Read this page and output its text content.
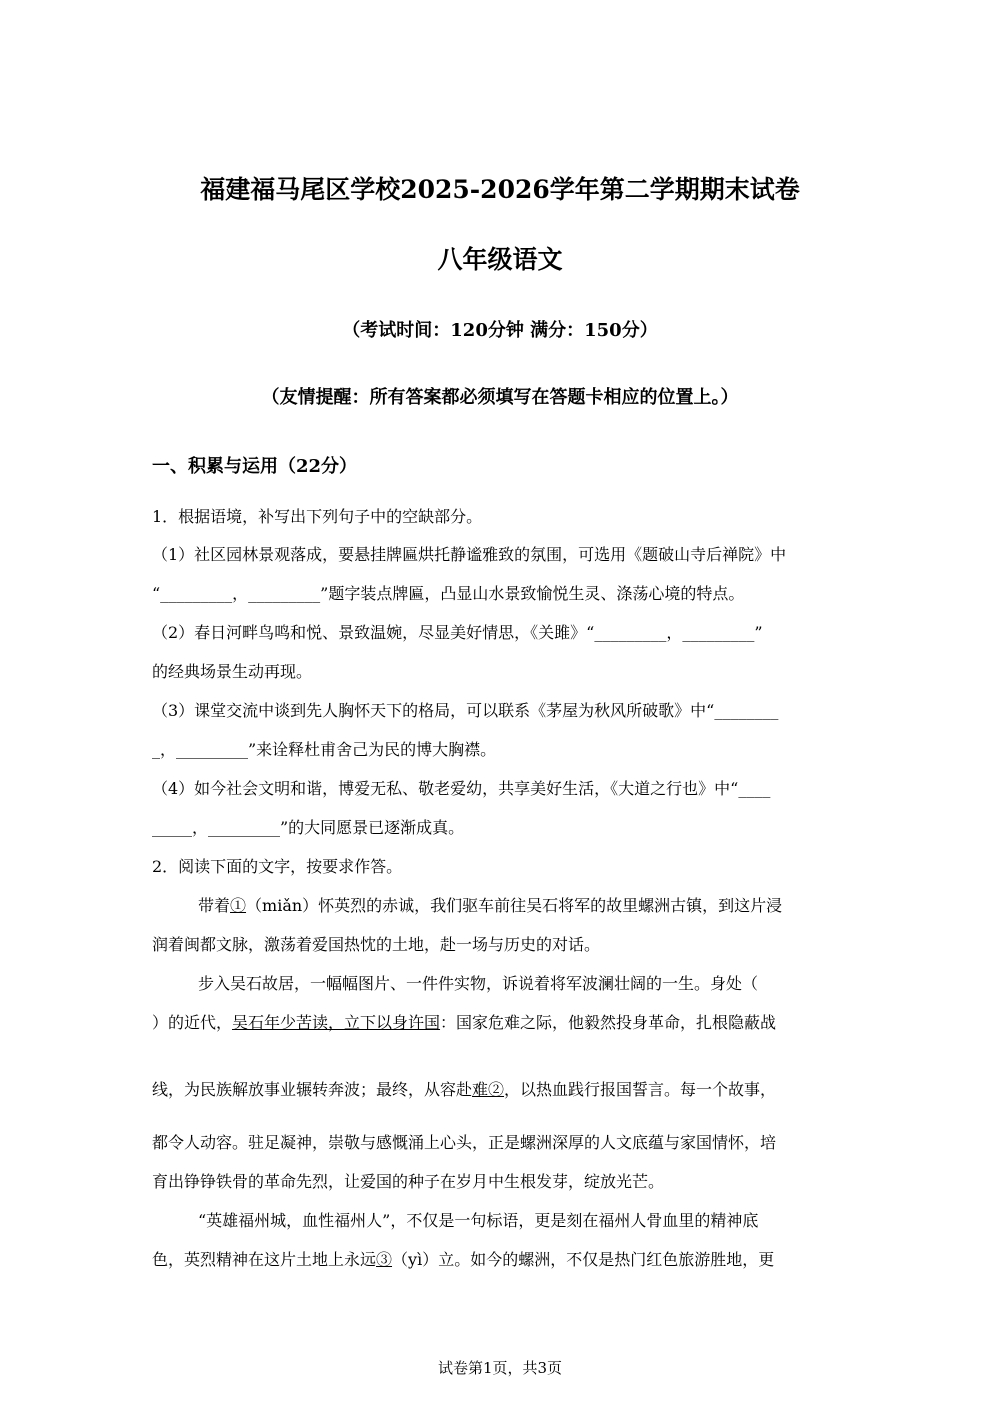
福建福马尾区学校2025-2026学年第二学期期末试卷
八年级语文
（考试时间：120分钟 满分：150分）
（友情提醒：所有答案都必须填写在答题卡相应的位置上。）
一、积累与运用（22分）
1．根据语境，补写出下列句子中的空缺部分。
（1）社区园林景观落成，要悬挂牌匾烘托静谧雅致的氛围，可选用《题破山寺后禅院》中
“_________，_________”题字装点牌匾，凸显山水景致愉悦生灵、涤荡心境的特点。
（2）春日河畔鸟鸣和悦、景致温婉，尽显美好情思，《关雎》“_________，_________”
的经典场景生动再现。
（3）课堂交流中谈到先人胸怀天下的格局，可以联系《茅屋为秋风所破歌》中“________
_，_________”来诠释杜甫舍己为民的博大胸襟。
（4）如今社会文明和谐，博爱无私、敬老爱幼，共享美好生活，《大道之行也》中“____
_____，_________”的大同愿景已逐渐成真。
2．阅读下面的文字，按要求作答。
带着①（miǎn）怀英烈的赤诚，我们驱车前往吴石将军的故里螺洲古镇，到这片浸
润着闽都文脉，激荡着爱国热忱的土地，赴一场与历史的对话。
步入吴石故居，一幅幅图片、一件件实物，诉说着将军波澜壮阔的一生。身处（
）的近代，吴石年少苦读，立下以身许国：国家危难之际，他毅然投身革命，扎根隐蔽战
线，为民族解放事业辗转奔波；最终，从容赴难②，以热血践行报国誓言。每一个故事，
都令人动容。驻足凝神，崇敬与感慨涌上心头，正是螺洲深厚的人文底蕴与家国情怀，培
育出铮铮铁骨的革命先烈，让爱国的种子在岁月中生根发芽，绽放光芒。
“英雄福州城，血性福州人”，不仅是一句标语，更是刻在福州人骨血里的精神底
色，英烈精神在这片土地上永远③（yì）立。如今的螺洲，不仅是热门红色旅游胜地，更
试卷第1页，共3页
